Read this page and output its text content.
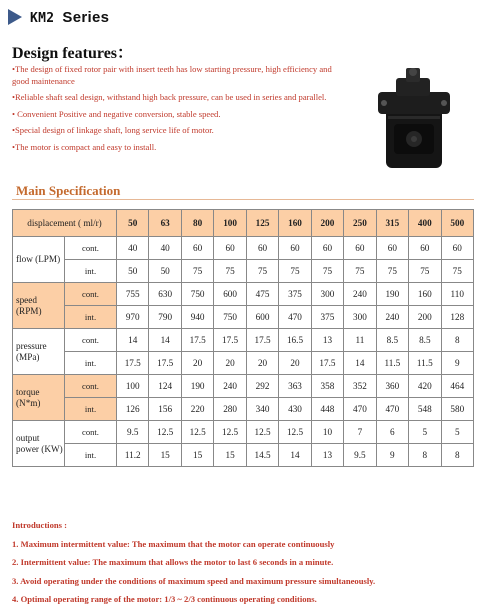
KM2 Series
Design features：
•The design of fixed rotor pair with insert teeth has low starting pressure, high efficiency and good maintenance
•Reliable shaft seal design, withstand high back pressure, can be used in series and parallel.
• Convenient Positive and negative conversion, stable speed.
•Special design of linkage shaft, long service life of motor.
•The motor is compact and easy to install.
Main Specification
displacement ( ml/r)		50	63	80	100	125	160	200	250	315	400	500
flow (LPM)	cont.	40	40	60	60	60	60	60	60	60	60	60
	int.	50	50	75	75	75	75	75	75	75	75	75
speed (RPM)	cont.	755	630	750	600	475	375	300	240	190	160	110
	int.	970	790	940	750	600	470	375	300	240	200	128
pressure (MPa)	cont.	14	14	17.5	17.5	17.5	16.5	13	11	8.5	8.5	8
	int.	17.5	17.5	20	20	20	20	17.5	14	11.5	11.5	9
torque (N*m)	cont.	100	124	190	240	292	363	358	352	360	420	464
	int.	126	156	220	280	340	430	448	470	470	548	580
output power (KW)	cont.	9.5	12.5	12.5	12.5	12.5	12.5	10	7	6	5	5
	int.	11.2	15	15	15	14.5	14	13	9.5	9	8	8
Introductions :
1. Maximum intermittent value: The maximum that the motor can operate continuously
2. Intermittent value: The maximum that allows the motor to last 6 seconds in a minute.
3. Avoid operating under the conditions of maximum speed and maximum pressure simultaneously.
4. Optimal operating range of the motor: 1/3 ~ 2/3 continuous operating conditions.
